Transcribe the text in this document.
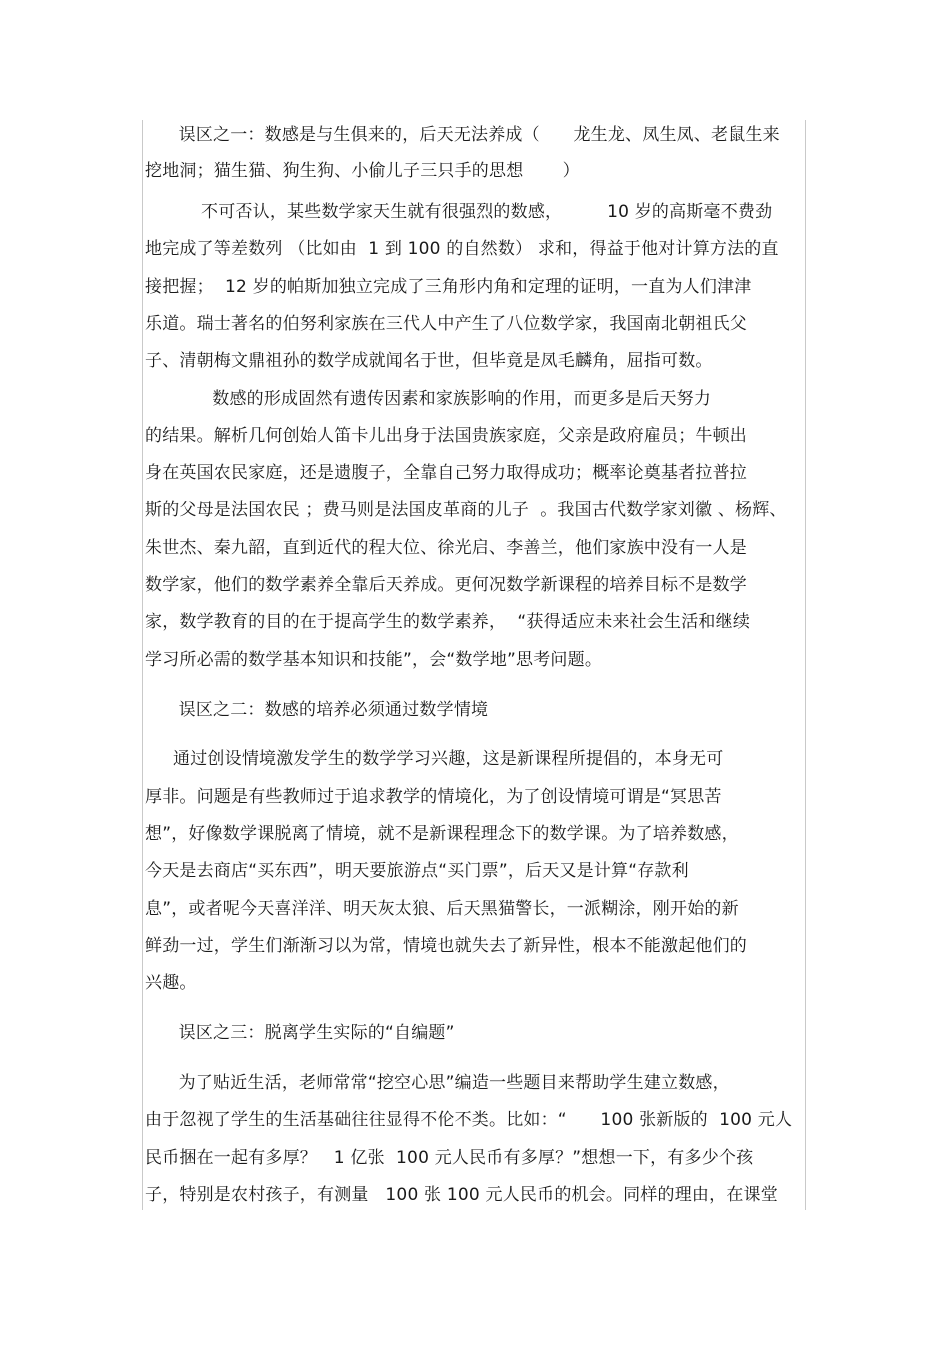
误区之一：数感是与生俱来的，后天无法养成（      龙生龙、凤生凤、老鼠生来
挖地洞；猫生猫、狗生狗、小偷儿子三只手的思想       ）
不可否认，某些数学家天生就有很强烈的数感，        10 岁的高斯毫不费劲
地完成了等差数列 （比如由  1 到 100 的自然数） 求和，得益于他对计算方法的直
接把握；  12 岁的帕斯加独立完成了三角形内角和定理的证明，一直为人们津津
乐道。瑞士著名的伯努利家族在三代人中产生了八位数学家，我国南北朝祖氏父
子、清朝梅文鼎祖孙的数学成就闻名于世，但毕竟是凤毛麟角，屈指可数。
数感的形成固然有遗传因素和家族影响的作用，而更多是后天努力
的结果。解析几何创始人笛卡儿出身于法国贵族家庭，父亲是政府雇员；牛顿出
身在英国农民家庭，还是遗腹子，全靠自己努力取得成功；概率论奠基者拉普拉
斯的父母是法国农民 ；费马则是法国皮革商的儿子  。我国古代数学家刘徽 、杨辉、
朱世杰、秦九韶，直到近代的程大位、徐光启、李善兰，他们家族中没有一人是
数学家，他们的数学素养全靠后天养成。更何况数学新课程的培养目标不是数学
家，数学教育的目的在于提高学生的数学素养，  “获得适应未来社会生活和继续
学习所必需的数学基本知识和技能”，会“数学地”思考问题。
误区之二：数感的培养必须通过数学情境
通过创设情境激发学生的数学学习兴趣，这是新课程所提倡的，本身无可
厚非。问题是有些教师过于追求教学的情境化，为了创设情境可谓是“冥思苦
想”，好像数学课脱离了情境，就不是新课程理念下的数学课。为了培养数感，
今天是去商店“买东西”，明天要旅游点“买门票”，后天又是计算“存款利
息”，或者呢今天喜洋洋、明天灰太狼、后天黑猫警长，一派糊涂，刚开始的新
鲜劲一过，学生们渐渐习以为常，情境也就失去了新异性，根本不能激起他们的
兴趣。
误区之三：脱离学生实际的“自编题”
为了贴近生活，老师常常“挖空心思”编造一些题目来帮助学生建立数感，
由于忽视了学生的生活基础往往显得不伦不类。比如：“      100 张新版的  100 元人
民币捆在一起有多厚？   1 亿张  100 元人民币有多厚？”想想一下，有多少个孩
子，特别是农村孩子，有测量   100 张 100 元人民币的机会。同样的理由，在课堂
